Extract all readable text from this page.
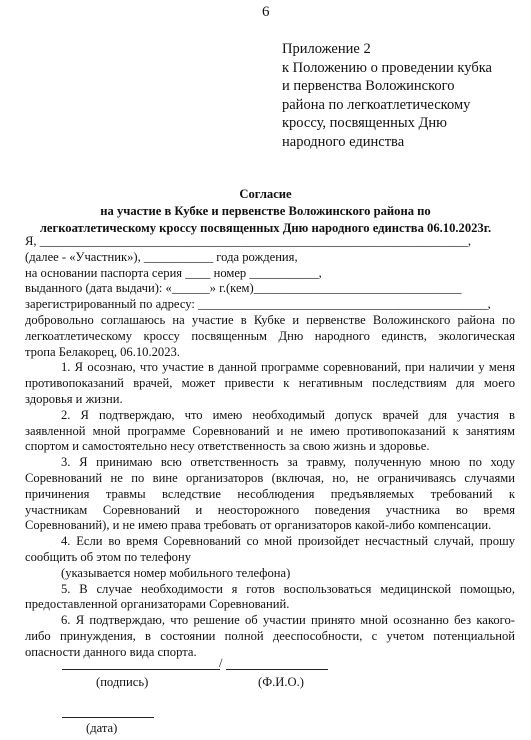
6
Приложение 2
к Положению о проведении кубка
и первенства Воложинского
района по легкоатлетическому
кроссу, посвященных Дню
народного единства
Согласие
на участие в Кубке и первенстве Воложинского района по
легкоатлетическому кроссу посвященных Дню народного единства 06.10.2023г.
Я, ____________________________________________________________________,
(далее - «Участник»), ___________ года рождения,
на основании паспорта серия ____ номер ___________,
выданного (дата выдачи): «______» г.(кем)_________________________________
зарегистрированный по адресу: ______________________________________________,
добровольно соглашаюсь на участие в Кубке и первенстве Воложинского района по
легкоатлетическому кроссу посвященным Дню народного единств, экологическая
тропа Белакорец, 06.10.2023.
1. Я осознаю, что участие в данной программе соревнований, при наличии у меня
противопоказаний врачей, может привести к негативным последствиям для моего
здоровья и жизни.
2. Я подтверждаю, что имею необходимый допуск врачей для участия в
заявленной мной программе Соревнований и не имею противопоказаний к занятиям
спортом и самостоятельно несу ответственность за свою жизнь и здоровье.
3. Я принимаю всю ответственность за травму, полученную мною по ходу
Соревнований не по вине организаторов (включая, но, не ограничиваясь случаями
причинения травмы вследствие несоблюдения предъявляемых требований к
участникам Соревнований и неосторожного поведения участника во время
Соревнований), и не имею права требовать от организаторов какой-либо компенсации.
4. Если во время Соревнований со мной произойдет несчастный случай, прошу
сообщить об этом по телефону
(указывается номер мобильного телефона)
5. В случае необходимости я готов воспользоваться медицинской помощью,
предоставленной организаторами Соревнований.
6. Я подтверждаю, что решение об участии принято мной осознанно без какого-
либо принуждения, в состоянии полной дееспособности, с учетом потенциальной
опасности данного вида спорта.
/
(подпись)	(Ф.И.О.)
(дата)
